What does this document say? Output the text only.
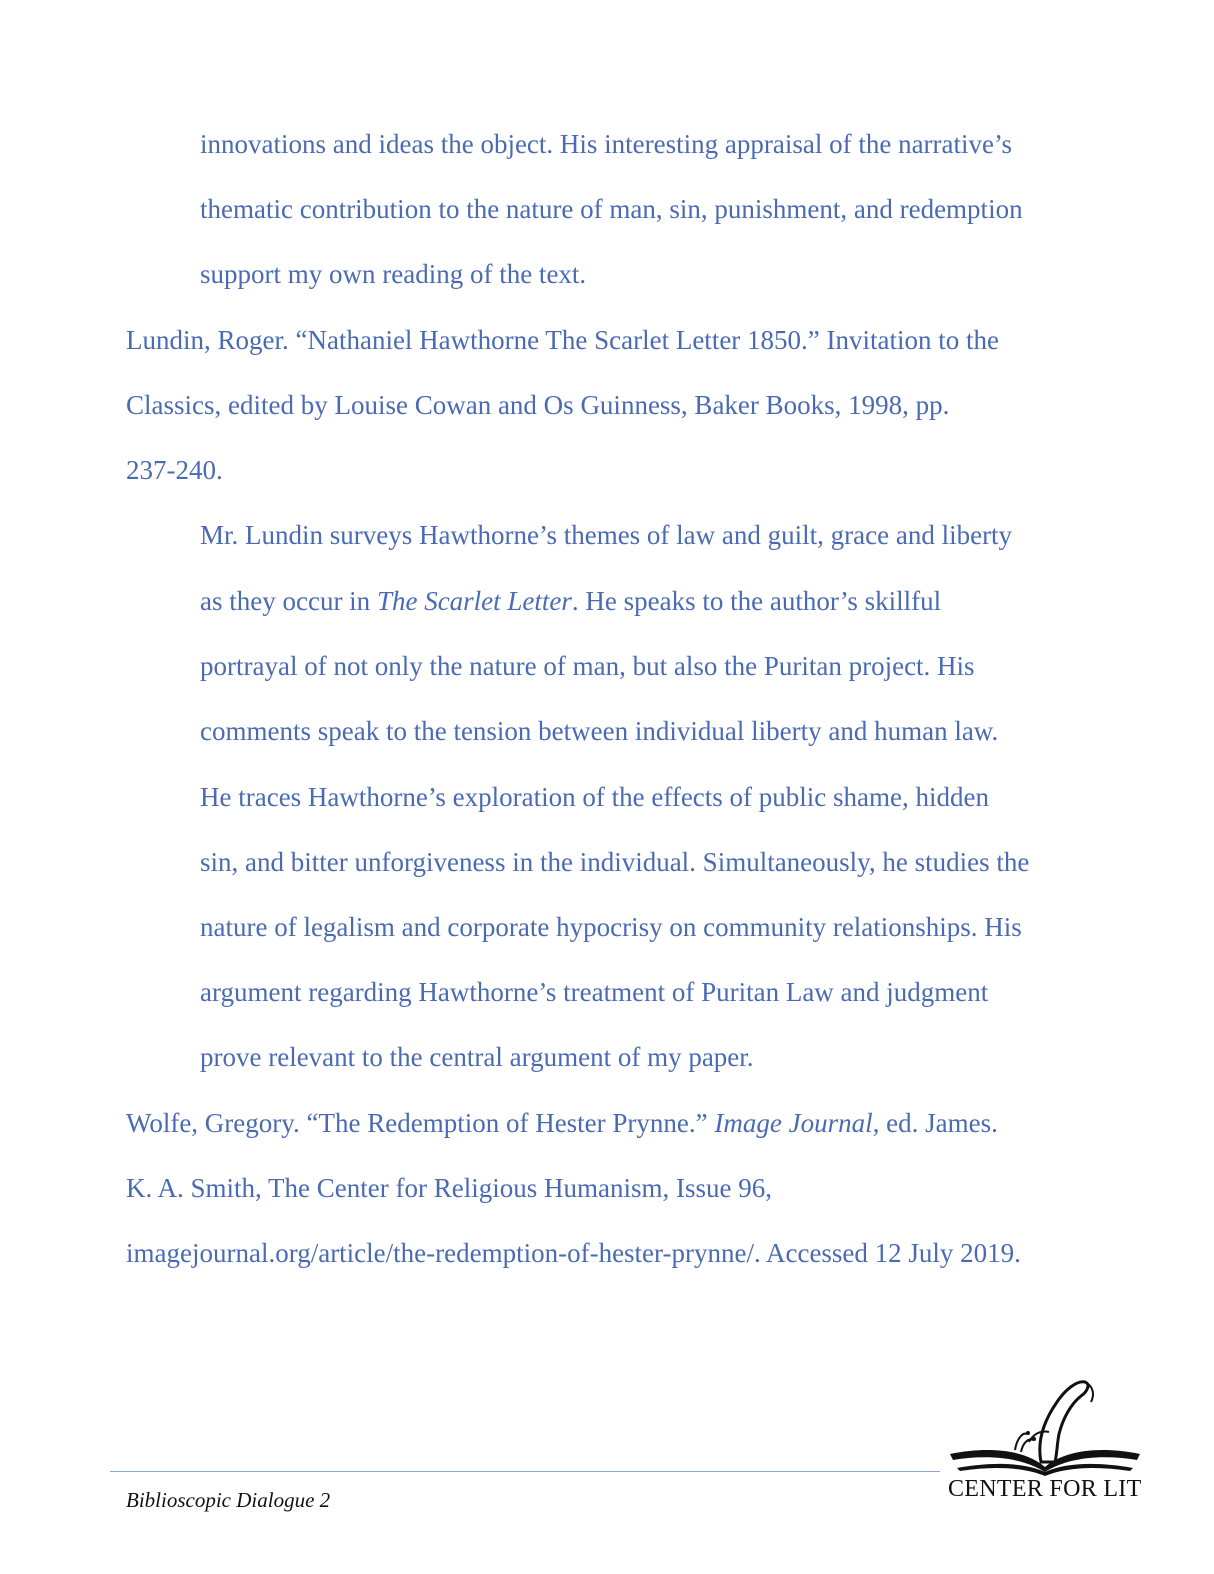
innovations and ideas the object. His interesting appraisal of the narrative’s
thematic contribution to the nature of man, sin, punishment, and redemption
support my own reading of the text.
Lundin, Roger. “Nathaniel Hawthorne The Scarlet Letter 1850.” Invitation to the
Classics, edited by Louise Cowan and Os Guinness, Baker Books, 1998, pp.
237-240.
Mr. Lundin surveys Hawthorne’s themes of law and guilt, grace and liberty
as they occur in The Scarlet Letter. He speaks to the author’s skillful
portrayal of not only the nature of man, but also the Puritan project. His
comments speak to the tension between individual liberty and human law.
He traces Hawthorne’s exploration of the effects of public shame, hidden
sin, and bitter unforgiveness in the individual. Simultaneously, he studies the
nature of legalism and corporate hypocrisy on community relationships. His
argument regarding Hawthorne’s treatment of Puritan Law and judgment
prove relevant to the central argument of my paper.
Wolfe, Gregory. “The Redemption of Hester Prynne.” Image Journal, ed. James.
K. A. Smith, The Center for Religious Humanism, Issue 96,
imagejournal.org/article/the-redemption-of-hester-prynne/. Accessed 12 July 2019.
Biblioscopic Dialogue 2	CENTER FOR LIT
